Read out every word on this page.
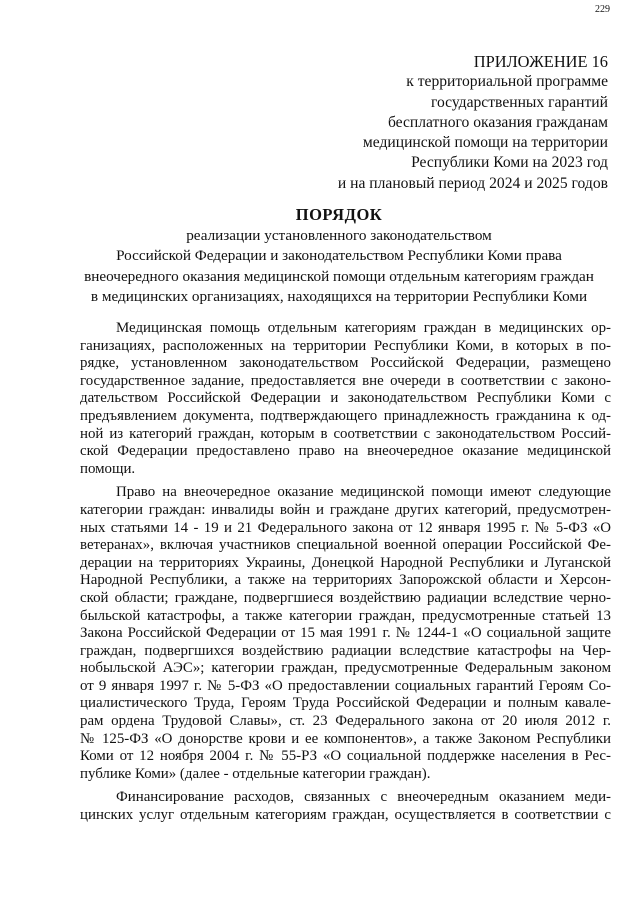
229
ПРИЛОЖЕНИЕ 16
к территориальной программе
государственных гарантий
бесплатного оказания гражданам
медицинской помощи на территории
Республики Коми на 2023 год
и на плановый период 2024 и 2025 годов
ПОРЯДОК
реализации установленного законодательством
Российской Федерации и законодательством Республики Коми права
внеочередного оказания медицинской помощи отдельным категориям граждан
в медицинских организациях, находящихся на территории Республики Коми
Медицинская помощь отдельным категориям граждан в медицинских ор-
ганизациях, расположенных на территории Республики Коми, в которых в по-
рядке, установленном законодательством Российской Федерации, размещено
государственное задание, предоставляется вне очереди в соответствии с законо-
дательством Российской Федерации и законодательством Республики Коми с
предъявлением документа, подтверждающего принадлежность гражданина к од-
ной из категорий граждан, которым в соответствии с законодательством Россий-
ской Федерации предоставлено право на внеочередное оказание медицинской
помощи.
Право на внеочередное оказание медицинской помощи имеют следующие
категории граждан: инвалиды войн и граждане других категорий, предусмотрен-
ных статьями 14 - 19 и 21 Федерального закона от 12 января 1995 г. № 5-ФЗ «О
ветеранах», включая участников специальной военной операции Российской Фе-
дерации на территориях Украины, Донецкой Народной Республики и Луганской
Народной Республики, а также на территориях Запорожской области и Херсон-
ской области; граждане, подвергшиеся воздействию радиации вследствие черно-
быльской катастрофы, а также категории граждан, предусмотренные статьей 13
Закона Российской Федерации от 15 мая 1991 г. № 1244-1 «О социальной защите
граждан, подвергшихся воздействию радиации вследствие катастрофы на Чер-
нобыльской АЭС»; категории граждан, предусмотренные Федеральным законом
от 9 января 1997 г. № 5-ФЗ «О предоставлении социальных гарантий Героям Со-
циалистического Труда, Героям Труда Российской Федерации и полным кавале-
рам ордена Трудовой Славы», ст. 23 Федерального закона от 20 июля 2012 г.
№ 125-ФЗ «О донорстве крови и ее компонентов», а также Законом Республики
Коми от 12 ноября 2004 г. № 55-РЗ «О социальной поддержке населения в Рес-
публике Коми» (далее - отдельные категории граждан).
Финансирование расходов, связанных с внеочередным оказанием меди-
цинских услуг отдельным категориям граждан, осуществляется в соответствии с
